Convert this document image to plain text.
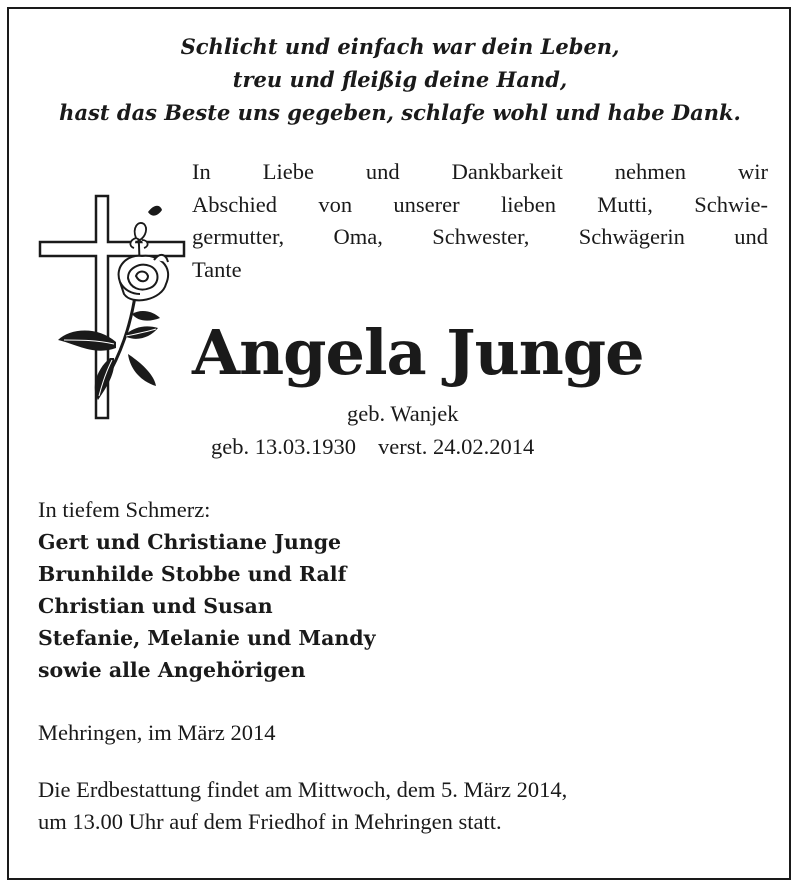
Schlicht und einfach war dein Leben,
treu und fleißig deine Hand,
hast das Beste uns gegeben, schlafe wohl und habe Dank.
In Liebe und Dankbarkeit nehmen wir
Abschied von unserer lieben Mutti, Schwie-
germutter, Oma, Schwester, Schwägerin und
Tante
Angela Junge
geb. Wanjek
geb. 13.03.1930 verst. 24.02.2014
In tiefem Schmerz:
Gert und Christiane Junge
Brunhilde Stobbe und Ralf
Christian und Susan
Stefanie, Melanie und Mandy
sowie alle Angehörigen
Mehringen, im März 2014
Die Erdbestattung findet am Mittwoch, dem 5. März 2014,
um 13.00 Uhr auf dem Friedhof in Mehringen statt.
